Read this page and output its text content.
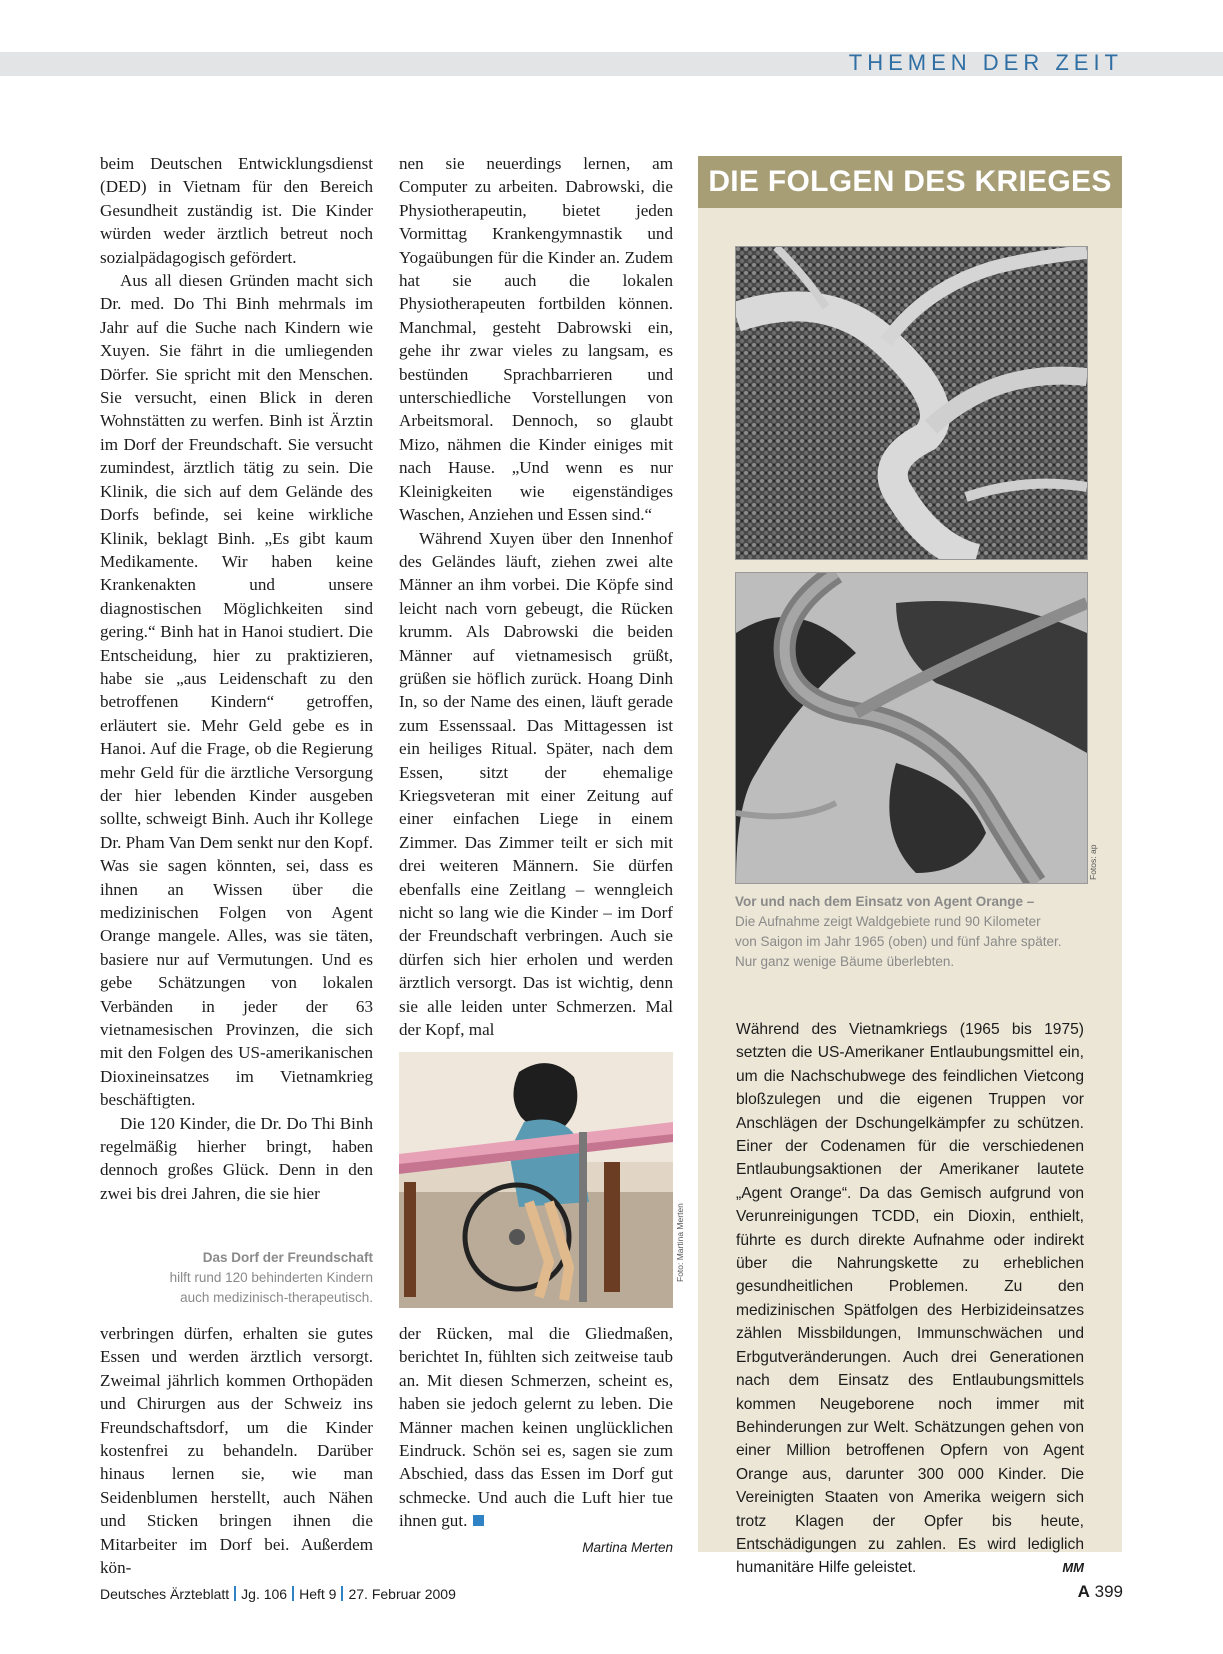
THEMEN DER ZEIT

beim Deutschen Entwicklungsdienst (DED) in Vietnam für den Bereich Gesundheit zuständig ist. Die Kinder würden weder ärztlich betreut noch sozialpädagogisch gefördert.

Aus all diesen Gründen macht sich Dr. med. Do Thi Binh mehrmals im Jahr auf die Suche nach Kindern wie Xuyen. Sie fährt in die umliegenden Dörfer. Sie spricht mit den Menschen. Sie versucht, einen Blick in deren Wohnstätten zu werfen. Binh ist Ärztin im Dorf der Freundschaft. Sie versucht zumindest, ärztlich tätig zu sein. Die Klinik, die sich auf dem Gelände des Dorfs befinde, sei keine wirkliche Klinik, beklagt Binh. „Es gibt kaum Medikamente. Wir haben keine Krankenakten und unsere diagnostischen Möglichkeiten sind gering.“ Binh hat in Hanoi studiert. Die Entscheidung, hier zu praktizieren, habe sie „aus Leidenschaft zu den betroffenen Kindern“ getroffen, erläutert sie. Mehr Geld gebe es in Hanoi. Auf die Frage, ob die Regierung mehr Geld für die ärztliche Versorgung der hier lebenden Kinder ausgeben sollte, schweigt Binh. Auch ihr Kollege Dr. Pham Van Dem senkt nur den Kopf. Was sie sagen könnten, sei, dass es ihnen an Wissen über die medizinischen Folgen von Agent Orange mangele. Alles, was sie täten, basiere nur auf Vermutungen. Und es gebe Schätzungen von lokalen Verbänden in jeder der 63 vietnamesischen Provinzen, die sich mit den Folgen des US-amerikanischen Dioxineinsatzes im Vietnamkrieg beschäftigten.

Die 120 Kinder, die Dr. Do Thi Binh regelmäßig hierher bringt, haben dennoch großes Glück. Denn in den zwei bis drei Jahren, die sie hier

nen sie neuerdings lernen, am Computer zu arbeiten. Dabrowski, die Physiotherapeutin, bietet jeden Vormittag Krankengymnastik und Yogaübungen für die Kinder an. Zudem hat sie auch die lokalen Physiotherapeuten fortbilden können. Manchmal, gesteht Dabrowski ein, gehe ihr zwar vieles zu langsam, es bestünden Sprachbarrieren und unterschiedliche Vorstellungen von Arbeitsmoral. Dennoch, so glaubt Mizo, nähmen die Kinder einiges mit nach Hause. „Und wenn es nur Kleinigkeiten wie eigenständiges Waschen, Anziehen und Essen sind.“

Während Xuyen über den Innenhof des Geländes läuft, ziehen zwei alte Männer an ihm vorbei. Die Köpfe sind leicht nach vorn gebeugt, die Rücken krumm. Als Dabrowski die beiden Männer auf vietnamesisch grüßt, grüßen sie höflich zurück. Hoang Dinh In, so der Name des einen, läuft gerade zum Essenssaal. Das Mittagessen ist ein heiliges Ritual. Später, nach dem Essen, sitzt der ehemalige Kriegsveteran mit einer Zeitung auf einer einfachen Liege in einem Zimmer. Das Zimmer teilt er sich mit drei weiteren Männern. Sie dürfen ebenfalls eine Zeitlang – wenngleich nicht so lang wie die Kinder – im Dorf der Freundschaft verbringen. Auch sie dürfen sich hier erholen und werden ärztlich versorgt. Das ist wichtig, denn sie alle leiden unter Schmerzen. Mal der Kopf, mal

Foto: Martina Merten
Das Dorf der Freundschaft
hilft rund 120 behinderten Kindern
auch medizinisch-therapeutisch.

verbringen dürfen, erhalten sie gutes Essen und werden ärztlich versorgt. Zweimal jährlich kommen Orthopäden und Chirurgen aus der Schweiz ins Freundschaftsdorf, um die Kinder kostenfrei zu behandeln. Darüber hinaus lernen sie, wie man Seidenblumen herstellt, auch Nähen und Sticken bringen ihnen die Mitarbeiter im Dorf bei. Außerdem kön-

der Rücken, mal die Gliedmaßen, berichtet In, fühlten sich zeitweise taub an. Mit diesen Schmerzen, scheint es, haben sie jedoch gelernt zu leben. Die Männer machen keinen unglücklichen Eindruck. Schön sei es, sagen sie zum Abschied, dass das Essen im Dorf gut schmecke. Und auch die Luft hier tue ihnen gut.

Martina Merten
DIE FOLGEN DES KRIEGES
Fotos: ap
Vor und nach dem Einsatz von Agent Orange –
Die Aufnahme zeigt Waldgebiete rund 90 Kilometer
von Saigon im Jahr 1965 (oben) und fünf Jahre später.
Nur ganz wenige Bäume überlebten.
Während des Vietnamkriegs (1965 bis 1975) setzten die US-Amerikaner Entlaubungsmittel ein, um die Nachschubwege des feindlichen Vietcong bloßzulegen und die eigenen Truppen vor Anschlägen der Dschungelkämpfer zu schützen. Einer der Codenamen für die verschiedenen Entlaubungsaktionen der Amerikaner lautete „Agent Orange“. Da das Gemisch aufgrund von Verunreinigungen TCDD, ein Dioxin, enthielt, führte es durch direkte Aufnahme oder indirekt über die Nahrungskette zu erheblichen gesundheitlichen Problemen. Zu den medizinischen Spätfolgen des Herbizideinsatzes zählen Missbildungen, Immunschwächen und Erbgutveränderungen. Auch drei Generationen nach dem Einsatz des Entlaubungsmittels kommen Neugeborene noch immer mit Behinderungen zur Welt. Schätzungen gehen von einer Million betroffenen Opfern von Agent Orange aus, darunter 300 000 Kinder. Die Vereinigten Staaten von Amerika weigern sich trotz Klagen der Opfer bis heute, Entschädigungen zu zahlen. Es wird lediglich humanitäre Hilfe geleistet.	MM
Deutsches Ärzteblatt Jg. 106 Heft 9 27. Februar 2009	A 399
